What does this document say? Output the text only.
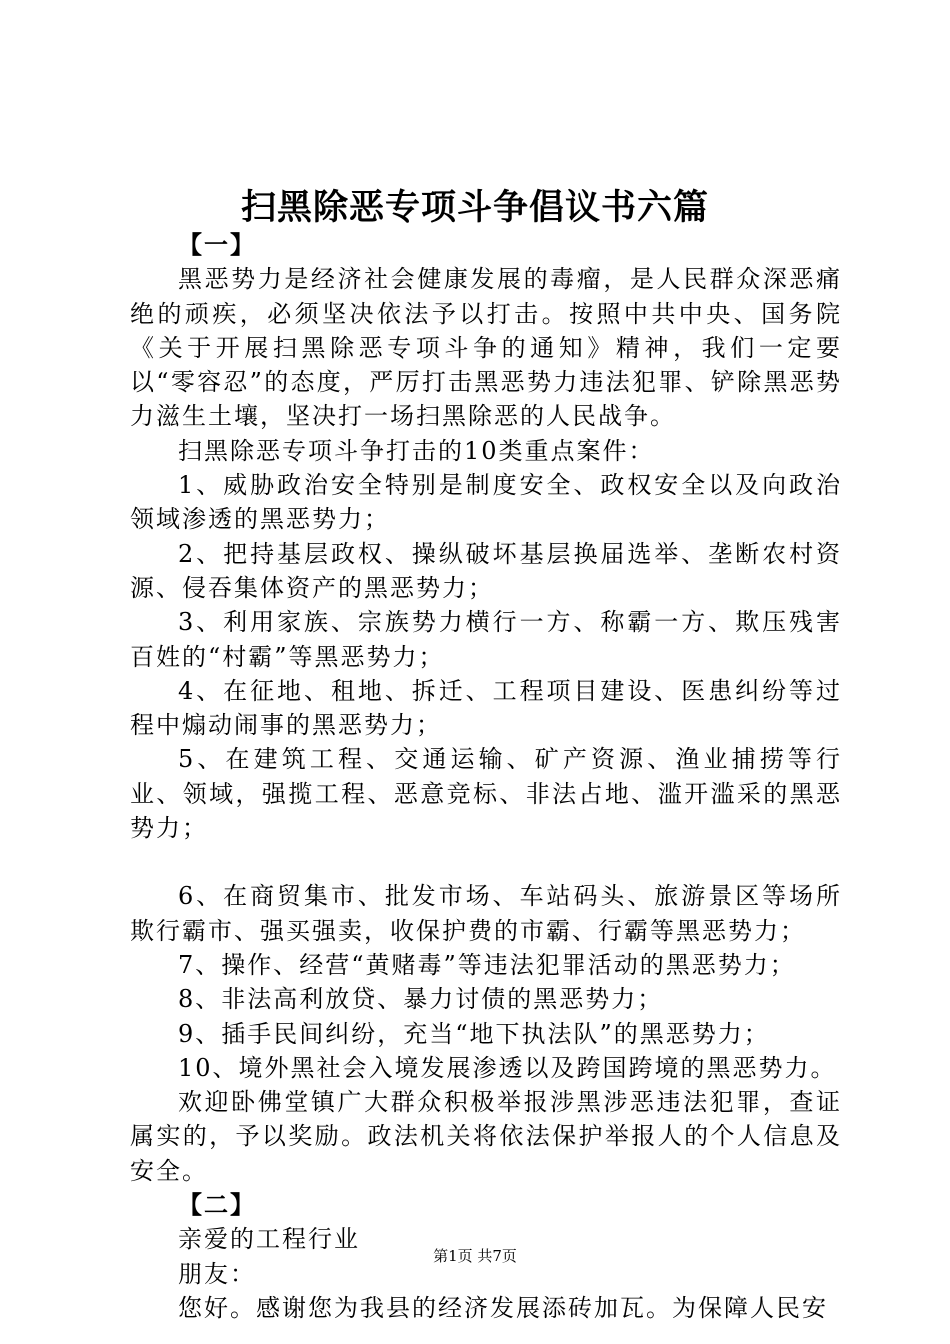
扫黑除恶专项斗争倡议书六篇

【一】

黑恶势力是经济社会健康发展的毒瘤，是人民群众深恶痛绝的顽疾，必须坚决依法予以打击。按照中共中央、国务院《关于开展扫黑除恶专项斗争的通知》精神，我们一定要以“零容忍”的态度，严厉打击黑恶势力违法犯罪、铲除黑恶势力滋生土壤，坚决打一场扫黑除恶的人民战争。

扫黑除恶专项斗争打击的10类重点案件：

1、威胁政治安全特别是制度安全、政权安全以及向政治领域渗透的黑恶势力；

2、把持基层政权、操纵破坏基层换届选举、垄断农村资源、侵吞集体资产的黑恶势力；

3、利用家族、宗族势力横行一方、称霸一方、欺压残害百姓的“村霸”等黑恶势力；

4、在征地、租地、拆迁、工程项目建设、医患纠纷等过程中煽动闹事的黑恶势力；

5、在建筑工程、交通运输、矿产资源、渔业捕捞等行业、领域，强揽工程、恶意竞标、非法占地、滥开滥采的黑恶势力；

6、在商贸集市、批发市场、车站码头、旅游景区等场所欺行霸市、强买强卖，收保护费的市霸、行霸等黑恶势力；

7、操作、经营“黄赌毒”等违法犯罪活动的黑恶势力；

8、非法高利放贷、暴力讨债的黑恶势力；

9、插手民间纠纷，充当“地下执法队”的黑恶势力；

10、境外黑社会入境发展渗透以及跨国跨境的黑恶势力。

欢迎卧佛堂镇广大群众积极举报涉黑涉恶违法犯罪，查证属实的，予以奖励。政法机关将依法保护举报人的个人信息及安全。

【二】

亲爱的工程行业

朋友：

您好。感谢您为我县的经济发展添砖加瓦。为保障人民安

第1页 共7页
